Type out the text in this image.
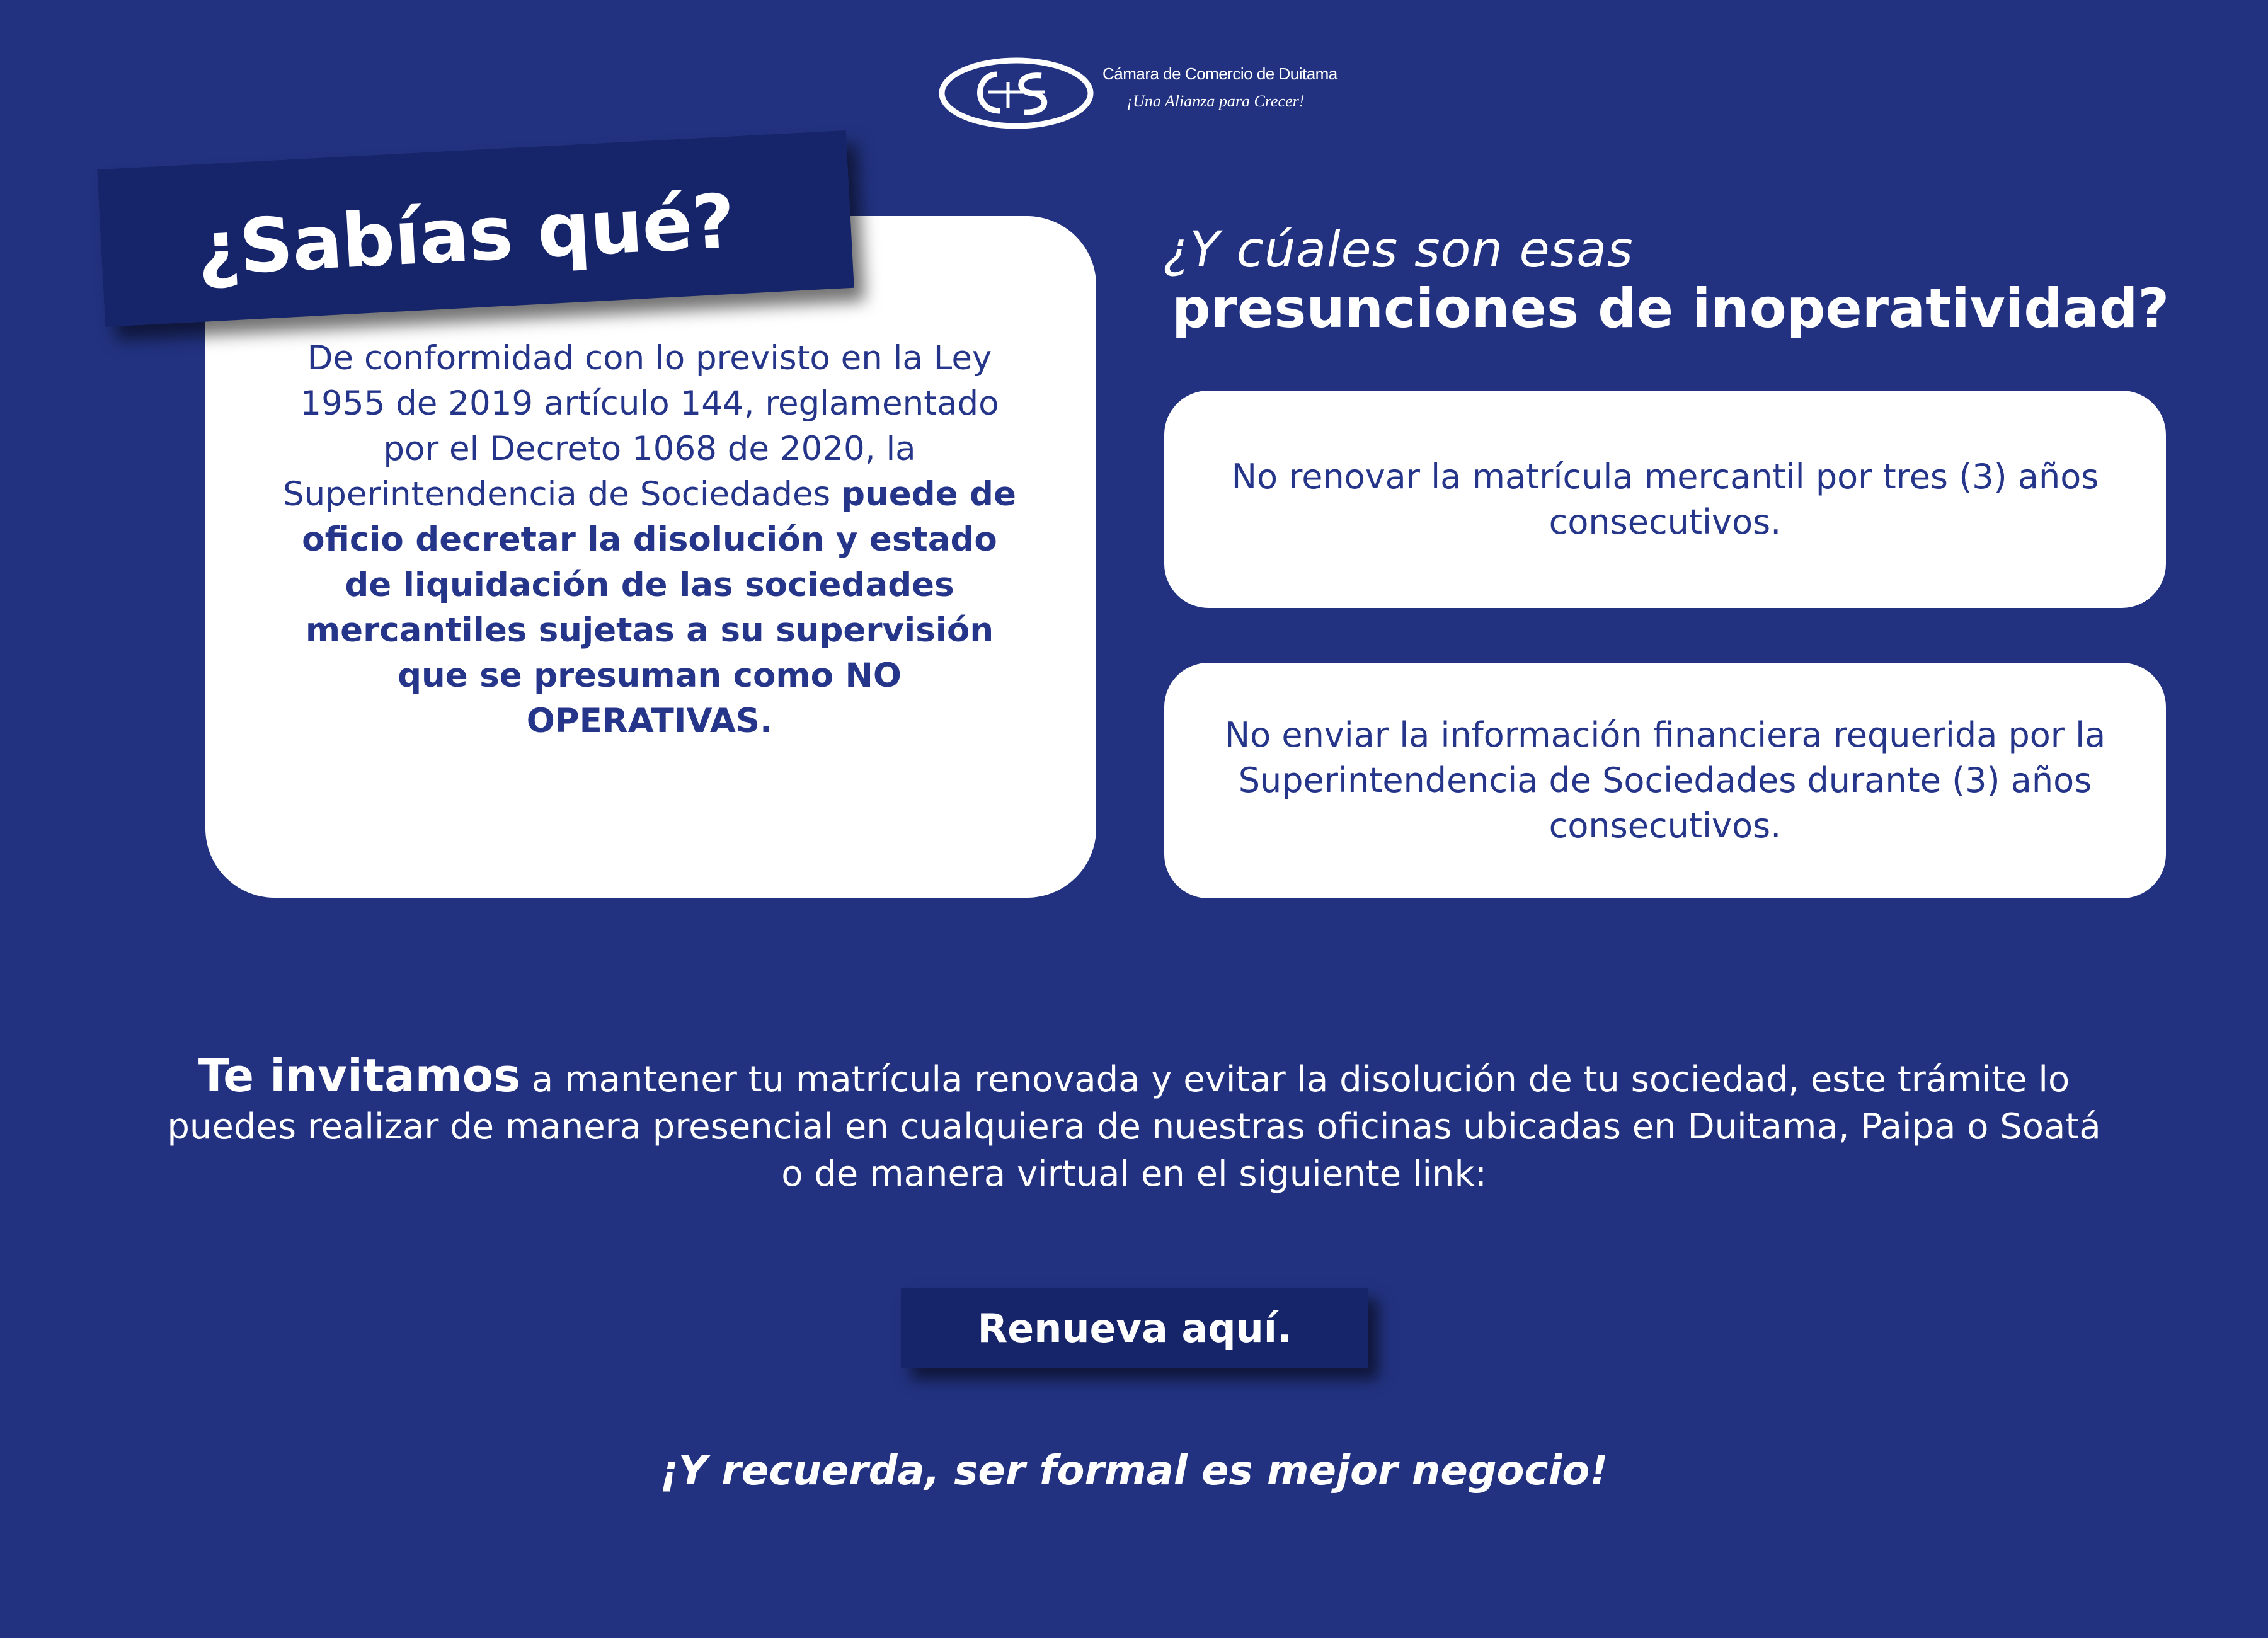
Cámara de Comercio de Duitama
¡Una Alianza para Crecer!
De conformidad con lo previsto en la Ley 1955 de 2019 artículo 144, reglamentado por el Decreto 1068 de 2020, la Superintendencia de Sociedades puede de oficio decretar la disolución y estado de liquidación de las sociedades mercantiles sujetas a su supervisión que se presuman como NO OPERATIVAS.
¿Sabías qué?	¿Y cúales son esas
presunciones de inoperatividad?
No renovar la matrícula mercantil por tres (3) años consecutivos.
No enviar la información financiera requerida por la Superintendencia de Sociedades durante (3) años consecutivos.
Te invitamos a mantener tu matrícula renovada y evitar la disolución de tu sociedad, este trámite lo puedes realizar de manera presencial en cualquiera de nuestras oficinas ubicadas en Duitama, Paipa o Soatá o de manera virtual en el siguiente link:
Renueva aquí.
¡Y recuerda, ser formal es mejor negocio!
